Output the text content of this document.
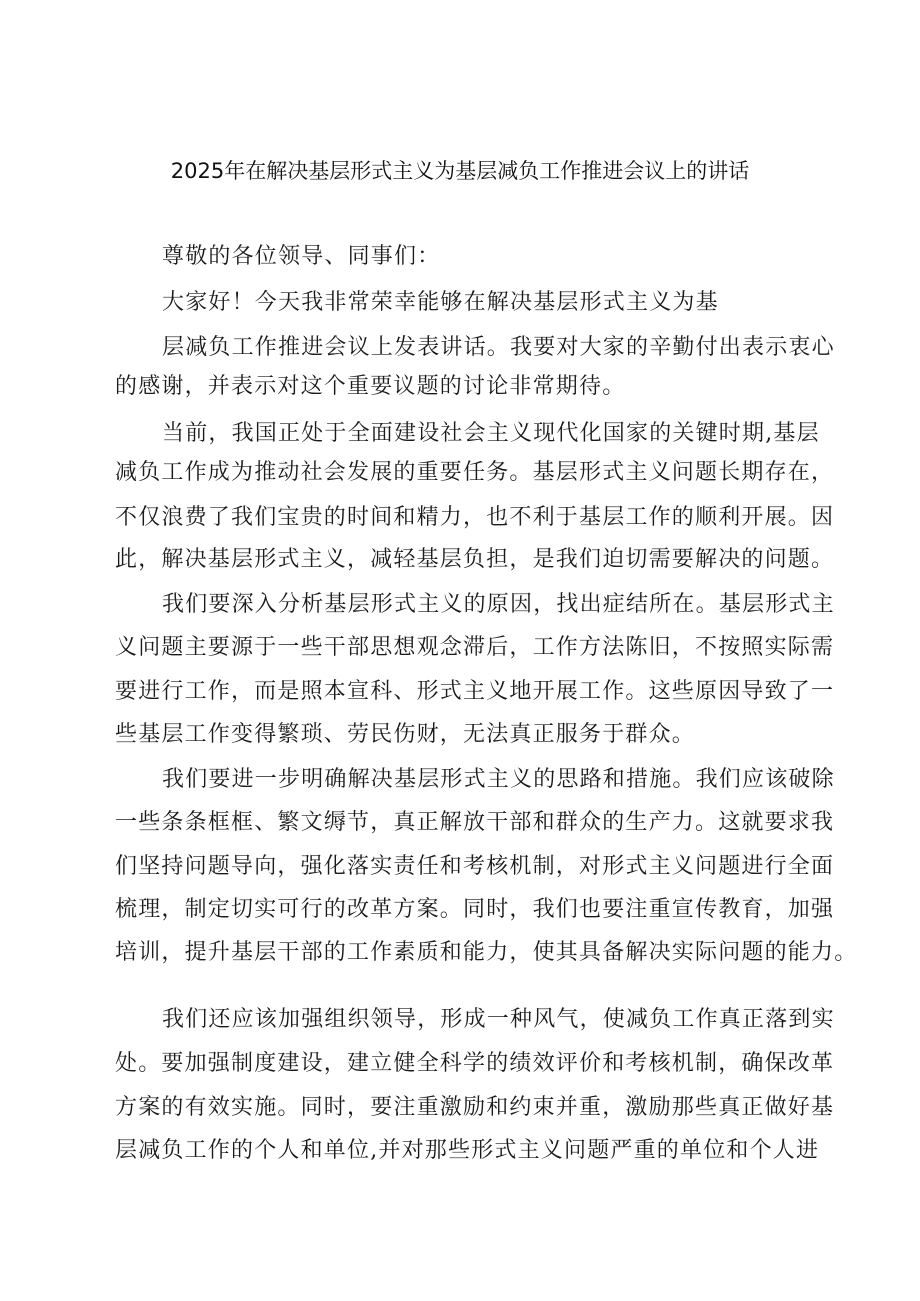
2025年在解决基层形式主义为基层减负工作推进会议上的讲话
尊敬的各位领导、同事们：
大家好！今天我非常荣幸能够在解决基层形式主义为基
层减负工作推进会议上发表讲话。我要对大家的辛勤付出表示衷心
的感谢，并表示对这个重要议题的讨论非常期待。
当前，我国正处于全面建设社会主义现代化国家的关键时期,基层
减负工作成为推动社会发展的重要任务。基层形式主义问题长期存在，
不仅浪费了我们宝贵的时间和精力，也不利于基层工作的顺利开展。因
此，解决基层形式主义，减轻基层负担，是我们迫切需要解决的问题。
我们要深入分析基层形式主义的原因，找出症结所在。基层形式主
义问题主要源于一些干部思想观念滞后，工作方法陈旧，不按照实际需
要进行工作，而是照本宣科、形式主义地开展工作。这些原因导致了一
些基层工作变得繁琐、劳民伤财，无法真正服务于群众。
我们要进一步明确解决基层形式主义的思路和措施。我们应该破除
一些条条框框、繁文缛节，真正解放干部和群众的生产力。这就要求我
们坚持问题导向，强化落实责任和考核机制，对形式主义问题进行全面
梳理，制定切实可行的改革方案。同时，我们也要注重宣传教育，加强
培训，提升基层干部的工作素质和能力，使其具备解决实际问题的能力。
我们还应该加强组织领导，形成一种风气，使减负工作真正落到实
处。要加强制度建设，建立健全科学的绩效评价和考核机制，确保改革
方案的有效实施。同时，要注重激励和约束并重，激励那些真正做好基
层减负工作的个人和单位,并对那些形式主义问题严重的单位和个人进
